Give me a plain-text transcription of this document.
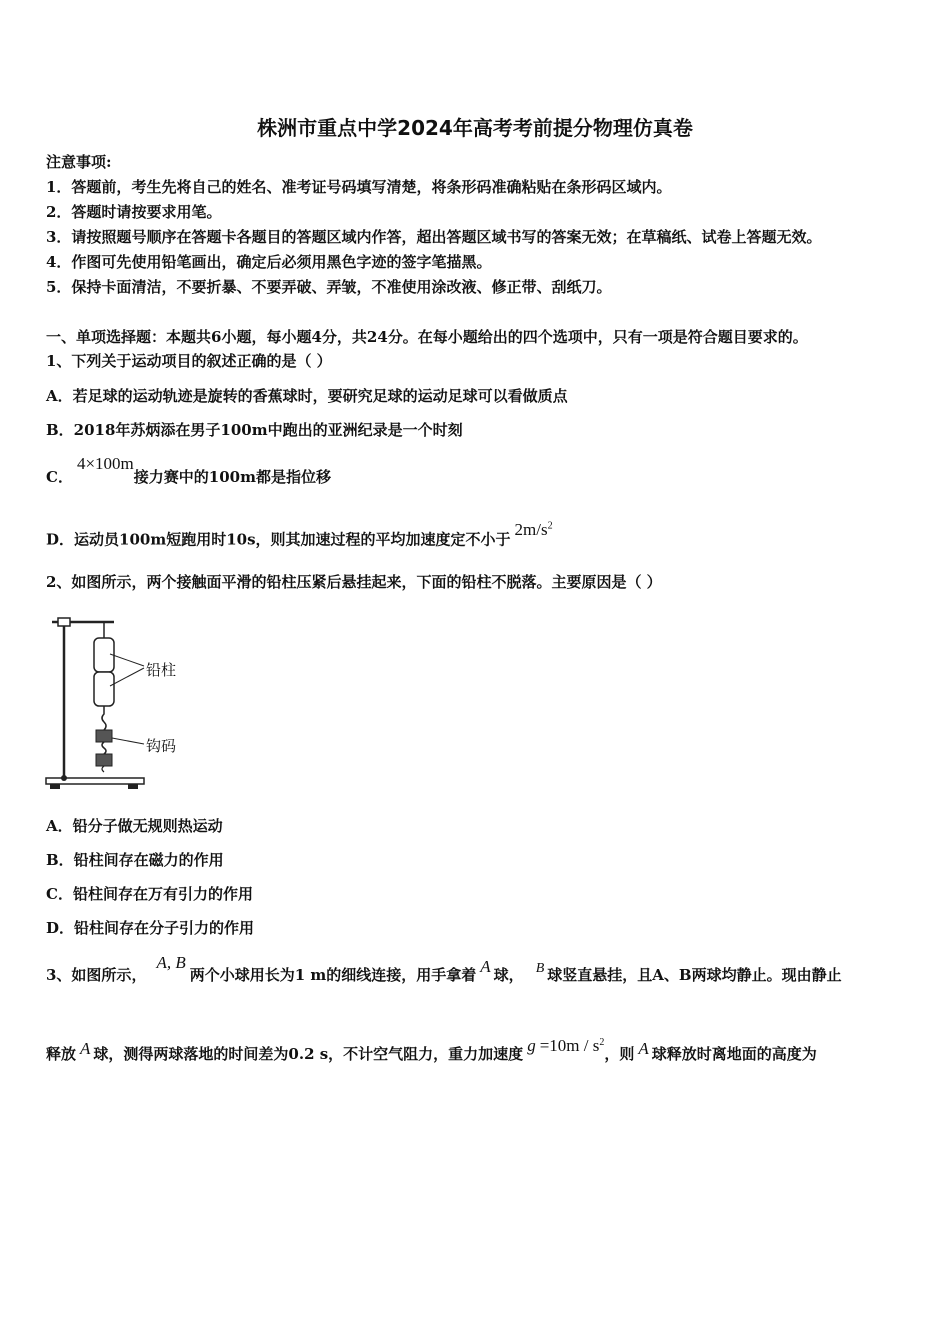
株洲市重点中学2024年高考考前提分物理仿真卷
注意事项:
1．答题前，考生先将自己的姓名、准考证号码填写清楚，将条形码准确粘贴在条形码区域内。
2．答题时请按要求用笔。
3．请按照题号顺序在答题卡各题目的答题区域内作答，超出答题区域书写的答案无效；在草稿纸、试卷上答题无效。
4．作图可先使用铅笔画出，确定后必须用黑色字迹的签字笔描黑。
5．保持卡面清洁，不要折暴、不要弄破、弄皱，不准使用涂改液、修正带、刮纸刀。
一、单项选择题：本题共6小题，每小题4分，共24分。在每小题给出的四个选项中，只有一项是符合题目要求的。
1、下列关于运动项目的叙述正确的是（ ）
A．若足球的运动轨迹是旋转的香蕉球时，要研究足球的运动足球可以看做质点
B．2018年苏炳添在男子100m中跑出的亚洲纪录是一个时刻
C．4×100m接力赛中的100m都是指位移
D．运动员100m短跑用时10s，则其加速过程的平均加速度定不小于$2m/s^2$
2、如图所示，两个接触面平滑的铅柱压紧后悬挂起来，下面的铅柱不脱落。主要原因是（ ）
铅柱
钩码
A．铅分子做无规则热运动
B．铅柱间存在磁力的作用
C．铅柱间存在万有引力的作用
D．铅柱间存在分子引力的作用
3、如图所示，A, B两个小球用长为1 m的细线连接，用手拿着 A 球， B 球竖直悬挂，且A、B两球均静止。现由静止
释放 A 球，测得两球落地的时间差为0.2 s，不计空气阻力，重力加速度 $g =10m / s^2$，则 A 球释放时离地面的高度为
